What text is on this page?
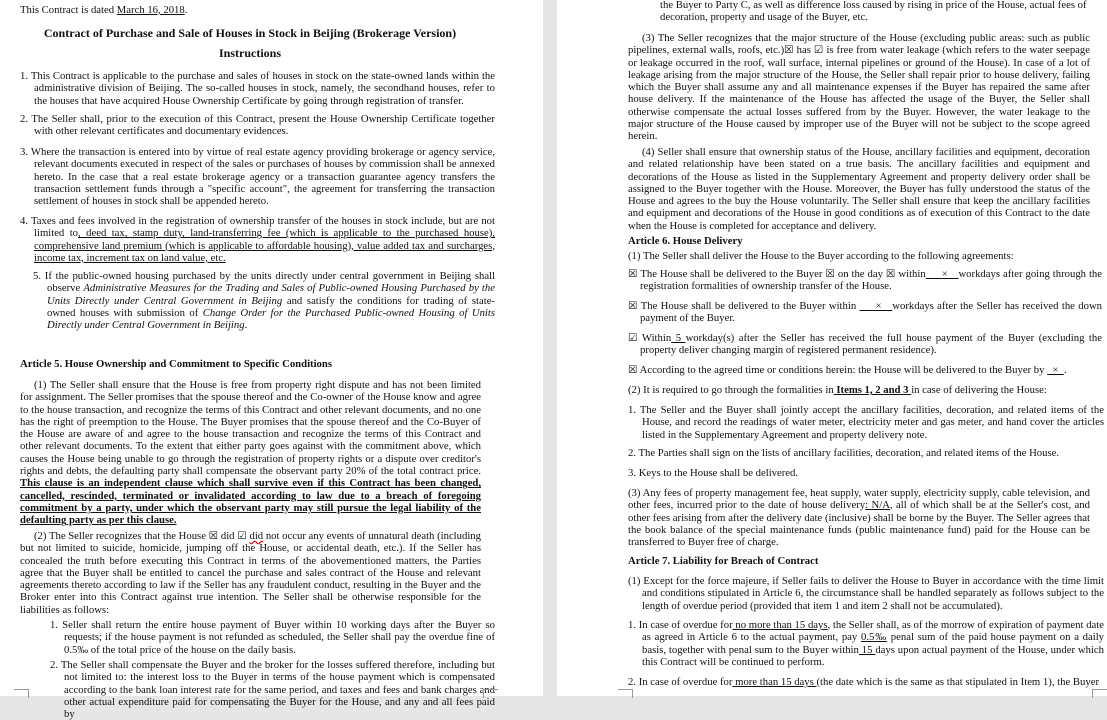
This Contract is dated March 16, 2018.

Contract of Purchase and Sale of Houses in Stock in Beijing (Brokerage Version)

Instructions

1. This Contract is applicable to the purchase and sales of houses in stock on the state-owned lands within the administrative division of Beijing. The so-called houses in stock, namely, the secondhand houses, refer to the houses that have acquired House Ownership Certificate by going through registration of transfer.

2. The Seller shall, prior to the execution of this Contract, present the House Ownership Certificate together with other relevant certificates and documentary evidences.

3. Where the transaction is entered into by virtue of real estate agency providing brokerage or agency service, relevant documents executed in respect of the sales or purchases of houses by commission shall be annexed hereto. In the case that a real estate brokerage agency or a transaction guarantee agency transfers the transaction settlement funds through a "specific account", the agreement for transferring the transaction settlement of houses in stock shall be appended hereto.

4. Taxes and fees involved in the registration of ownership transfer of the houses in stock include, but are not limited to, deed tax, stamp duty, land-transferring fee (which is applicable to the purchased house), comprehensive land premium (which is applicable to affordable housing), value added tax and surcharges, income tax, increment tax on land value, etc.

5. If the public-owned housing purchased by the units directly under central government in Beijing shall observe Administrative Measures for the Trading and Sales of Public-owned Housing Purchased by the Units Directly under Central Government in Beijing and satisfy the conditions for trading of state-owned houses with submission of Change Order for the Purchased Public-owned Housing of Units Directly under Central Government in Beijing.

Article 5. House Ownership and Commitment to Specific Conditions

(1) The Seller shall ensure that the House is free from property right dispute and has not been limited for assignment. The Seller promises that the spouse thereof and the Co-owner of the House know and agree to the house transaction, and recognize the terms of this Contract and other relevant documents, and no one has the right of preemption to the House. The Buyer promises that the spouse thereof and the Co-Buyer of the House are aware of and agree to the house transaction and recognize the terms of this Contract and other relevant documents. To the extent that either party goes against with the commitment above, which causes the House being unable to go through the registration of property rights or a dispute over creditor's rights and debts, the defaulting party shall compensate the observant party 20% of the total contract price. This clause is an independent clause which shall survive even if this Contract has been changed, cancelled, rescinded, terminated or invalidated according to law due to a breach of foregoing commitment by a party, under which the observant party may still pursue the legal liability of the defaulting party as per this clause.

(2) The Seller recognizes that the House ☒ did ☑ did not occur any events of unnatural death (including but not limited to suicide, homicide, jumping off the House, or accidental death, etc.). If the Seller has concealed the truth before executing this Contract in terms of the abovementioned matters, the Parties agree that the Buyer shall be entitled to cancel the purchase and sales contract of the House and relevant agreements thereto according to law if the Seller has any fraudulent conduct, resulting in the Buyer and the Broker enter into this Contract against true intention. The Seller shall be otherwise responsible for the liabilities as follows:

1. Seller shall return the entire house payment of Buyer within 10 working days after the Buyer so requests; if the house payment is not refunded as scheduled, the Seller shall pay the overdue fine of 0.5‰ of the total price of the house on the daily basis.

2. The Seller shall compensate the Buyer and the broker for the losses suffered therefore, including but not limited to: the interest loss to the Buyer in terms of the house payment which is compensated according to the bank loan interest rate for the same period, and taxes and fees and bank charges and other actual expenditure paid for compensating the Buyer for the House, and any and all fees paid by

the Buyer to Party C, as well as difference loss caused by rising in price of the House, actual fees of decoration, property and usage of the Buyer, etc.

(3) The Seller recognizes that the major structure of the House (excluding public areas: such as public pipelines, external walls, roofs, etc.)☒ has ☑ is free from water leakage (which refers to the water seepage or leakage occurred in the roof, wall surface, internal pipelines or ground of the House). In case of a lot of leakage arising from the major structure of the House, the Seller shall repair prior to house delivery, failing which the Buyer shall assume any and all maintenance expenses if the Buyer has repaired the same after house delivery. If the maintenance of the House has affected the usage of the Buyer, the Seller shall otherwise compensate the actual losses suffered from by the Buyer. However, the water leakage to the major structure of the House caused by improper use of the Buyer will not be subject to the scope agreed herein.

(4) Seller shall ensure that ownership status of the House, ancillary facilities and equipment, decoration and related relationship have been stated on a true basis. The ancillary facilities and equipment and decorations of the House as listed in the Supplementary Agreement and property delivery order shall be assigned to the Buyer together with the House. Moreover, the Buyer has fully understood the status of the House and agrees to the buy the House voluntarily. The Seller shall ensure that keep the ancillary facilities and equipment and decorations of the House in good conditions as of execution of this Contract to the date when the House is completed for acceptance and delivery.

Article 6. House Delivery

(1) The Seller shall deliver the House to the Buyer according to the following agreements:

☒ The House shall be delivered to the Buyer ☒ on the day ☒ within   ×  workdays after going through the registration formalities of ownership transfer of the House.

☒ The House shall be delivered to the Buyer within    ×  workdays after the Seller has received the down payment of the Buyer.

☑ Within 5 workday(s) after the Seller has received the full house payment of the Buyer (excluding the property deliver changing margin of registered permanent residence).

☒ According to the agreed time or conditions herein: the House will be delivered to the Buyer by  × .

(2) It is required to go through the formalities in Items 1, 2 and 3 in case of delivering the House:

1. The Seller and the Buyer shall jointly accept the ancillary facilities, decoration, and related items of the House, and record the readings of water meter, electricity meter and gas meter, and hand cover the articles listed in the Supplementary Agreement and property delivery note.

2. The Parties shall sign on the lists of ancillary facilities, decoration, and related items of the House.

3. Keys to the House shall be delivered.

(3) Any fees of property management fee, heat supply, water supply, electricity supply, cable television, and other fees, incurred prior to the date of house delivery: N/A, all of which shall be at the Seller's cost, and other fees arising from after the delivery date (inclusive) shall be borne by the Buyer. The Seller agrees that the book balance of the special maintenance funds (public maintenance fund) paid for the House can be transferred to Buyer free of charge.

Article 7. Liability for Breach of Contract

(1) Except for the force majeure, if Seller fails to deliver the House to Buyer in accordance with the time limit and conditions stipulated in Article 6, the circumstance shall be handled separately as follows subject to the length of overdue period (provided that item 1 and item 2 shall not be accumulated).

1. In case of overdue for no more than 15 days, the Seller shall, as of the morrow of expiration of payment date as agreed in Article 6 to the actual payment, pay 0.5‰ penal sum of the paid house payment on a daily basis, together with penal sum to the Buyer within 15 days upon actual payment of the House, under which this Contract will be continued to perform.

2. In case of overdue for more than 15 days (the date which is the same as that stipulated in Item 1), the Buyer
